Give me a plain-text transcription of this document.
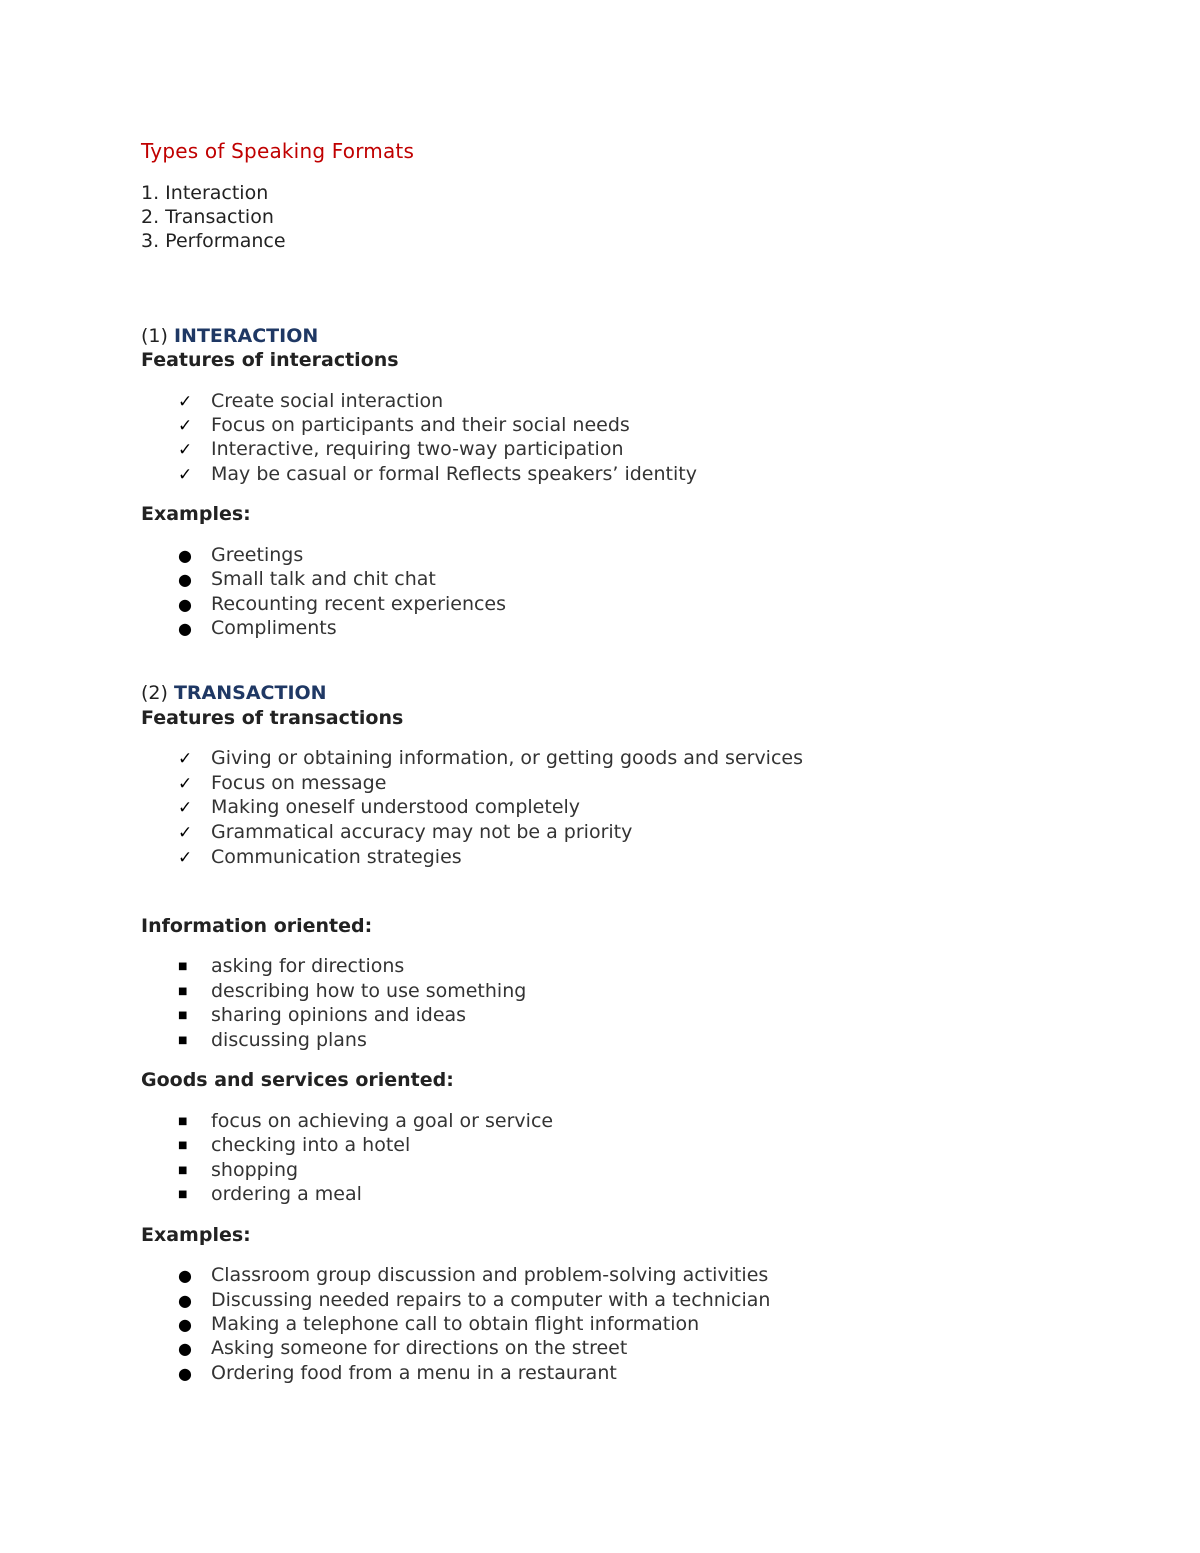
Types of Speaking Formats

1. Interaction

2. Transaction

3. Performance

(1) INTERACTION

Features of interactions

✓ Create social interaction

✓ Focus on participants and their social needs

✓ Interactive, requiring two-way participation

✓ May be casual or formal Reflects speakers’ identity

Examples:

● Greetings

● Small talk and chit chat

● Recounting recent experiences

● Compliments

(2) TRANSACTION

Features of transactions

✓ Giving or obtaining information, or getting goods and services

✓ Focus on message

✓ Making oneself understood completely

✓ Grammatical accuracy may not be a priority

✓ Communication strategies

Information oriented:

■ asking for directions

■ describing how to use something

■ sharing opinions and ideas

■ discussing plans

Goods and services oriented:

■ focus on achieving a goal or service

■ checking into a hotel

■ shopping

■ ordering a meal

Examples:

● Classroom group discussion and problem-solving activities

● Discussing needed repairs to a computer with a technician

● Making a telephone call to obtain flight information

● Asking someone for directions on the street

● Ordering food from a menu in a restaurant
